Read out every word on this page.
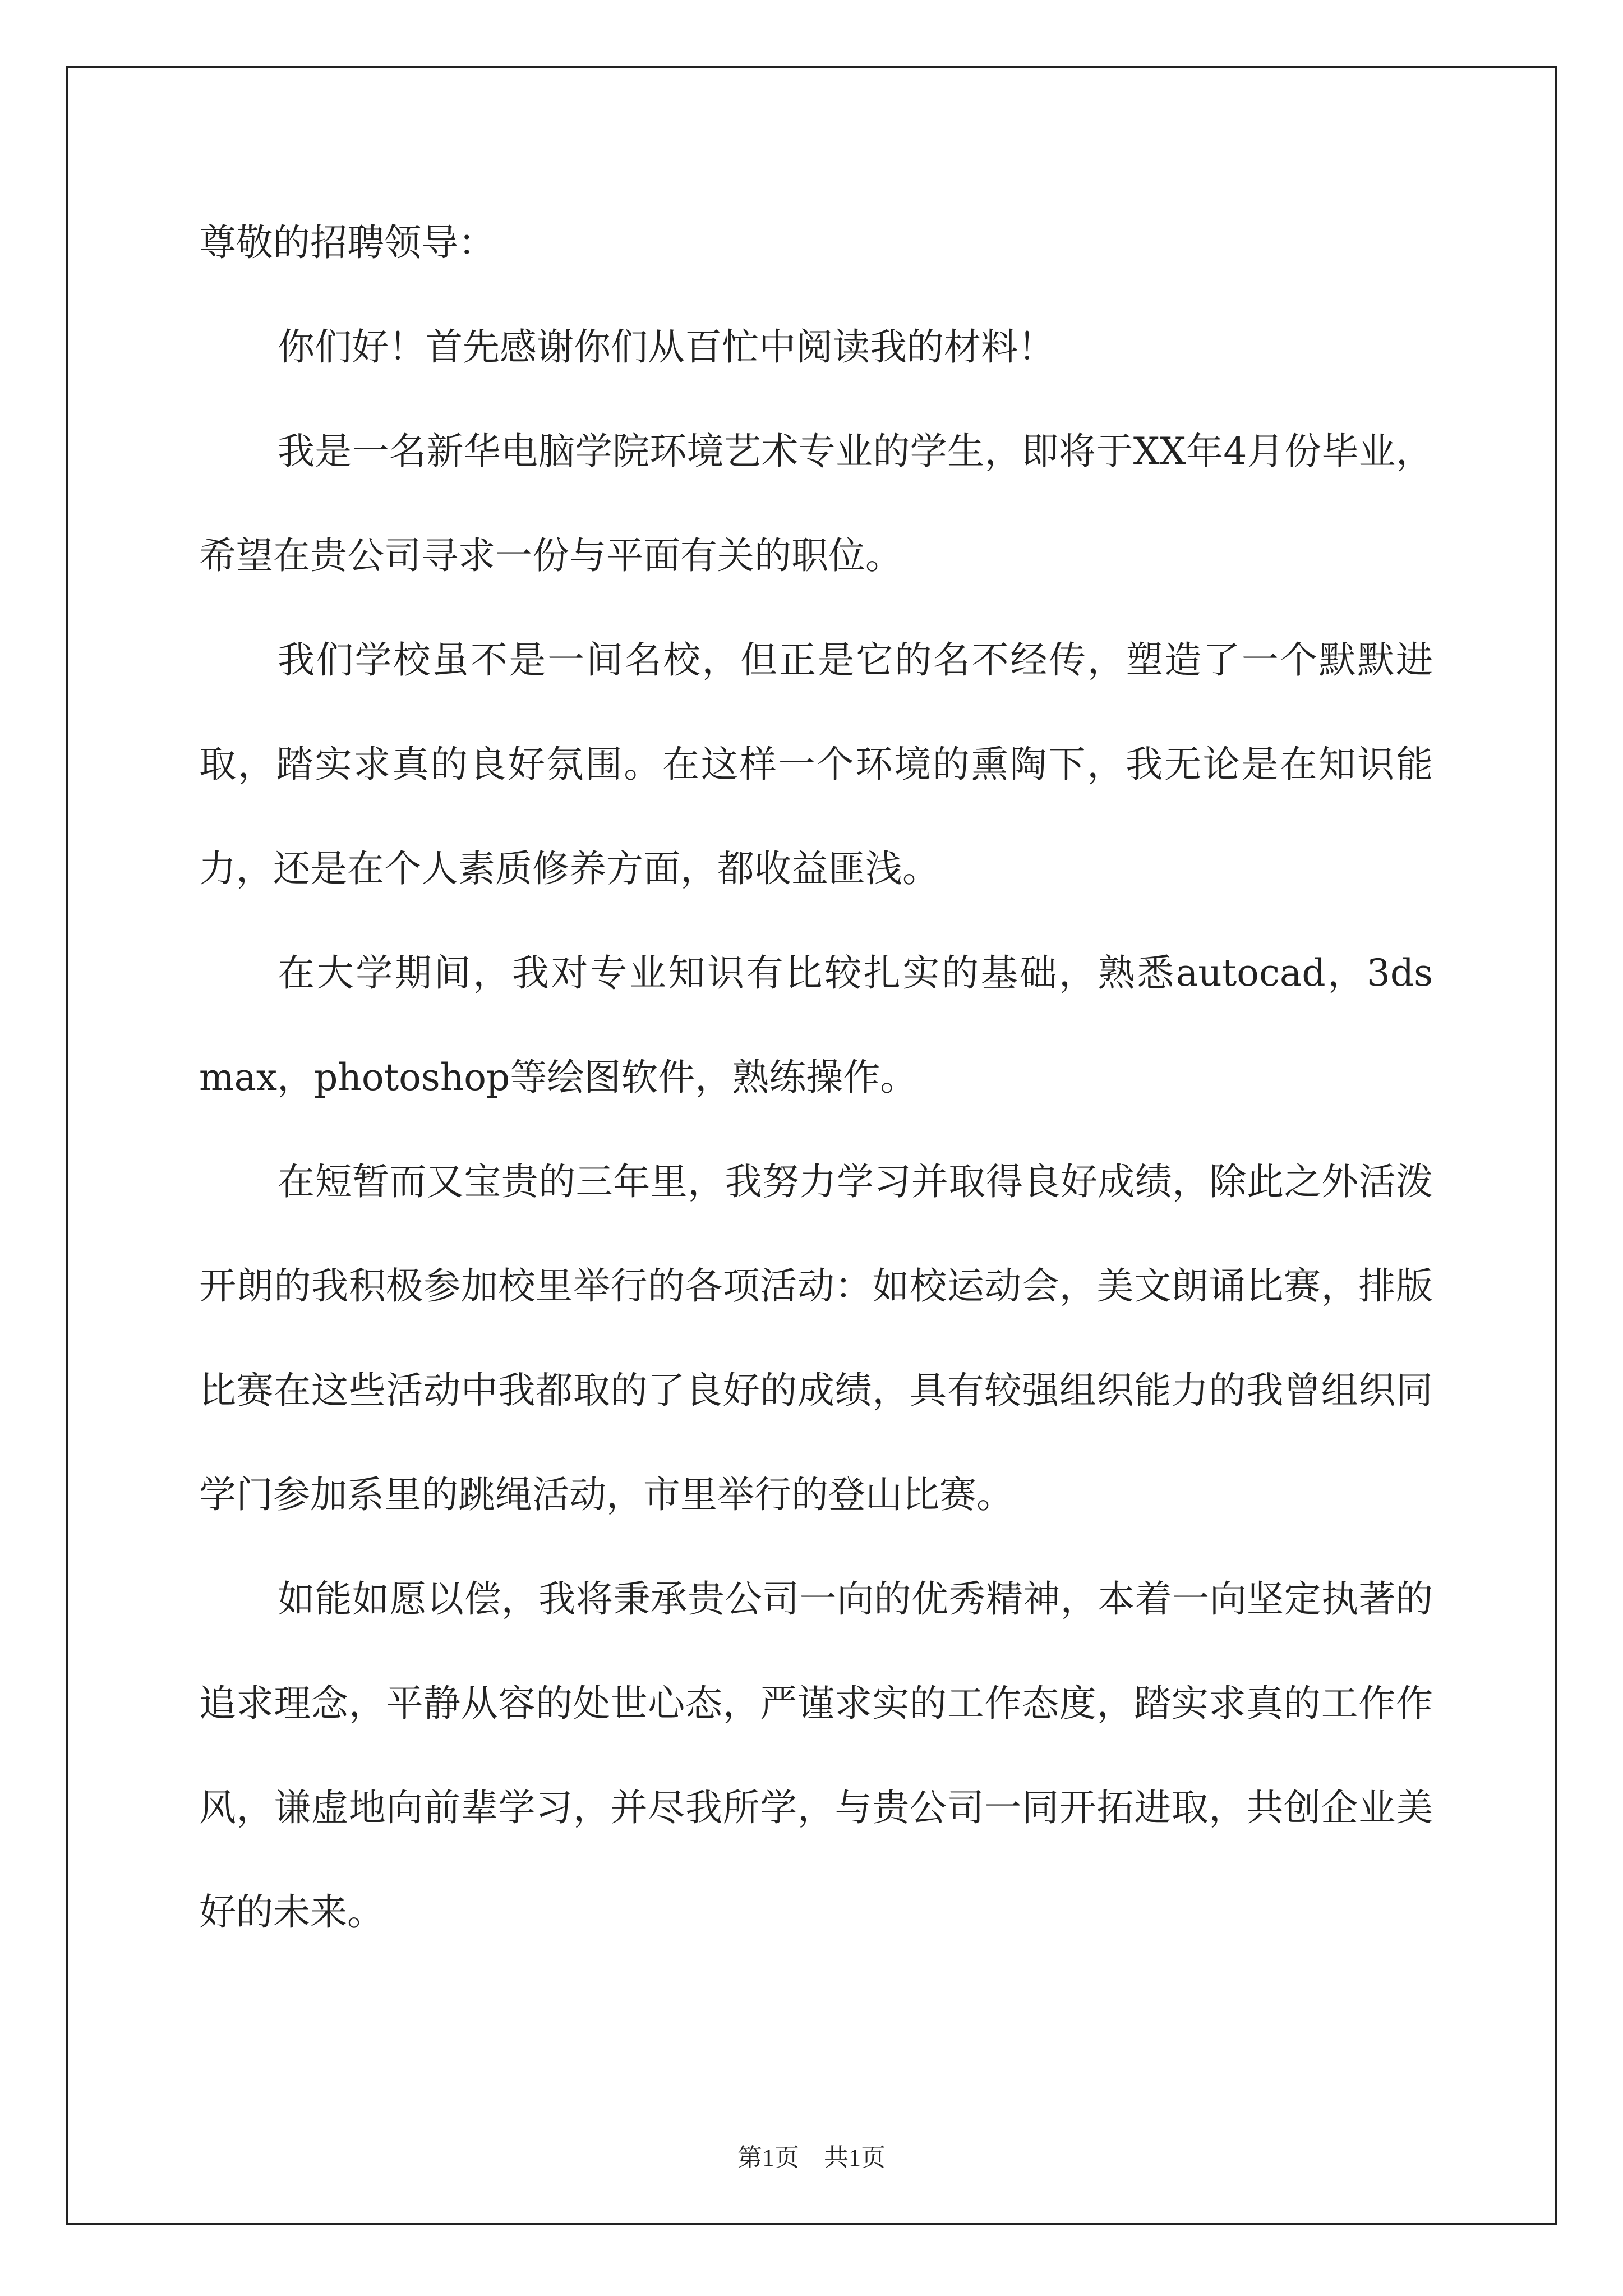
尊敬的招聘领导：

你们好！首先感谢你们从百忙中阅读我的材料！

我是一名新华电脑学院环境艺术专业的学生，即将于XX年4月份毕业，希望在贵公司寻求一份与平面有关的职位。

我们学校虽不是一间名校，但正是它的名不经传，塑造了一个默默进取，踏实求真的良好氛围。在这样一个环境的熏陶下，我无论是在知识能力，还是在个人素质修养方面，都收益匪浅。

在大学期间，我对专业知识有比较扎实的基础，熟悉autocad，3ds max，photoshop等绘图软件，熟练操作。

在短暂而又宝贵的三年里，我努力学习并取得良好成绩，除此之外活泼开朗的我积极参加校里举行的各项活动：如校运动会，美文朗诵比赛，排版比赛在这些活动中我都取的了良好的成绩，具有较强组织能力的我曾组织同学门参加系里的跳绳活动，市里举行的登山比赛。

如能如愿以偿，我将秉承贵公司一向的优秀精神，本着一向坚定执著的追求理念，平静从容的处世心态，严谨求实的工作态度，踏实求真的工作作风，谦虚地向前辈学习，并尽我所学，与贵公司一同开拓进取，共创企业美好的未来。

第1页　共1页
